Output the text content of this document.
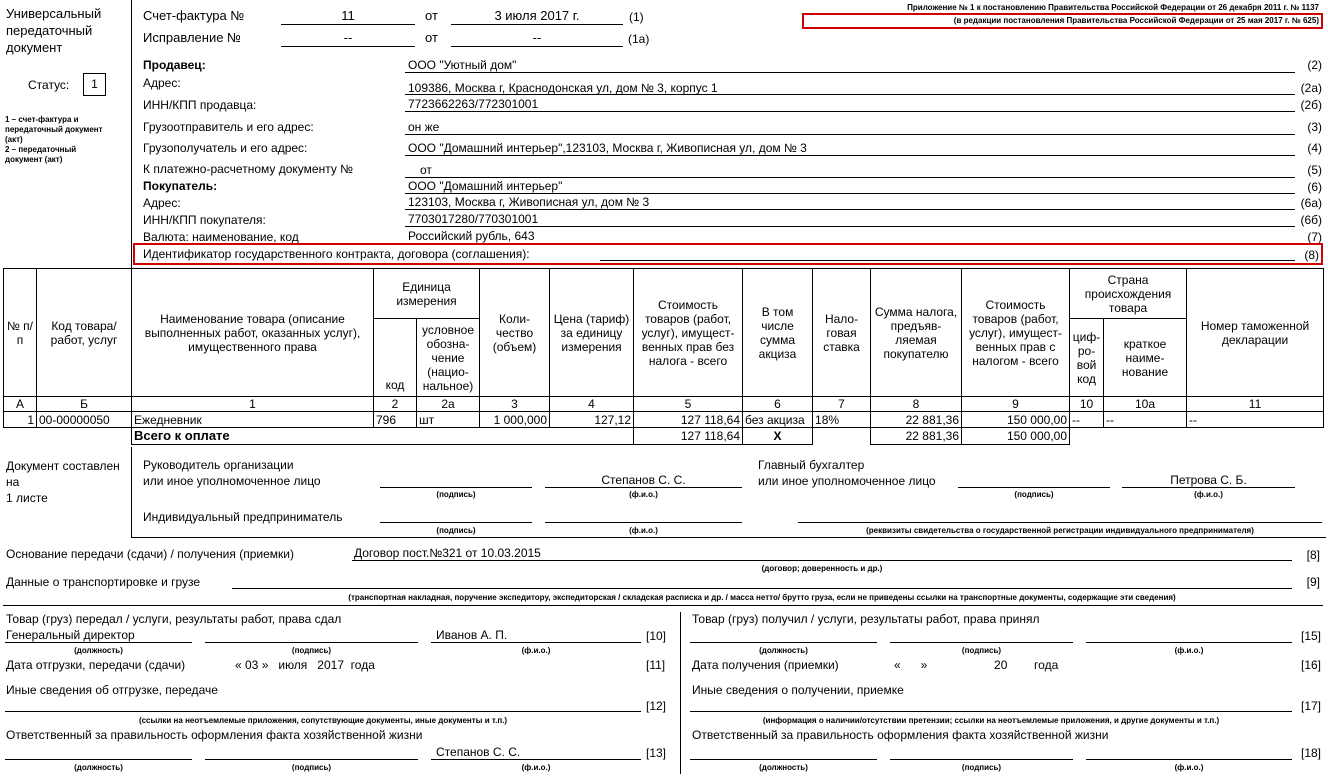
Универсальный
передаточный
документ
Статус:	1
1 – счет-фактура и
передаточный документ
(акт)
2 – передаточный
документ (акт)
Счет-фактура №	11	от	3 июля 2017 г.	(1)
Исправление №	--	от	--	(1а)
Приложение № 1 к постановлению Правительства Российской Федерации от 26 декабря 2011 г. № 1137
(в редакции постановления Правительства Российской Федерации от 25 мая 2017 г. № 625)
Продавец:	ООО "Уютный дом"	(2)
Адрес:	109386, Москва г, Краснодонская ул, дом № 3, корпус 1	(2а)
ИНН/КПП продавца:	7723662263/772301001	(2б)
Грузоотправитель и его адрес:	он же	(3)
Грузополучатель и его адрес:	ООО "Домашний интерьер",123103, Москва г, Живописная ул, дом № 3	(4)
К платежно-расчетному документу №	от	(5)
Покупатель:	ООО "Домашний интерьер"	(6)
Адрес:	123103, Москва г, Живописная ул, дом № 3	(6а)
ИНН/КПП покупателя:	7703017280/770301001	(6б)
Валюта: наименование, код	Российский рубль, 643	(7)
Идентификатор государственного контракта, договора (соглашения):	(8)
№ п/п	Код товара/ работ, услуг	Наименование товара (описание выполненных работ, оказанных услуг), имущественного права	Единица измерения		Коли-чество (объем)	Цена (тариф) за единицу измерения	Стоимость товаров (работ, услуг), имущест-венных прав без налога - всего	В том числе сумма акциза	Нало-говая ставка	Сумма налога, предъяв-ляемая покупателю	Стоимость товаров (работ, услуг), имущест-венных прав с налогом - всего	Страна происхождения товара		Номер таможенной декларации
			код	условное обозна-чение (нацио-нальное)								циф-ро-вой код	краткое наиме-нование	
А	Б	1	2	2а	3	4	5	6	7	8	9	10	10а	11
1	00-00000050	Ежедневник	796	шт	1 000,000	127,12	127 118,64	без акциза	18%	22 881,36	150 000,00	--	--	--
		Всего к оплате					127 118,64	Х		22 881,36	150 000,00			
Документ составлен
на
1 листе
Руководитель организации
или иное уполномоченное лицо
(подпись)
Степанов С. С.
(ф.и.о.)
Главный бухгалтер
или иное уполномоченное лицо
(подпись)
Петрова С. Б.
(ф.и.о.)
Индивидуальный предприниматель
(подпись)	(ф.и.о.)	(реквизиты свидетельства о государственной регистрации индивидуального предпринимателя)
Основание передачи (сдачи) / получения (приемки)	Договор пост.№321 от 10.03.2015	[8]
(договор; доверенность и др.)
Данные о транспортировке и грузе	[9]
(транспортная накладная, поручение экспедитору, экспедиторская / складская расписка и др. / масса нетто/ брутто груза, если не приведены ссылки на транспортные документы, содержащие эти сведения)
Товар (груз) передал / услуги, результаты работ, права сдал
Генеральный директор
(должность)	(подпись)
Иванов А. П.
(ф.и.о.)
[10]
Дата отгрузки, передачи (сдачи)	« 03 »   июля   2017  года	[11]
Иные сведения об отгрузке, передаче
[12]
(ссылки на неотъемлемые приложения, сопутствующие документы, иные документы и т.п.)
Ответственный за правильность оформления факта хозяйственной жизни
(должность)	(подпись)
Степанов С. С.
(ф.и.о.)
[13]
Товар (груз) получил / услуги, результаты работ, права принял
(должность)	(подпись)	(ф.и.о.)
[15]
Дата получения (приемки)	«      »                    20        года	[16]
Иные сведения о получении, приемке
[17]
(информация о наличии/отсутствии претензии; ссылки на неотъемлемые приложения, и другие документы и т.п.)
Ответственный за правильность оформления факта хозяйственной жизни
(должность)	(подпись)	(ф.и.о.)
[18]
